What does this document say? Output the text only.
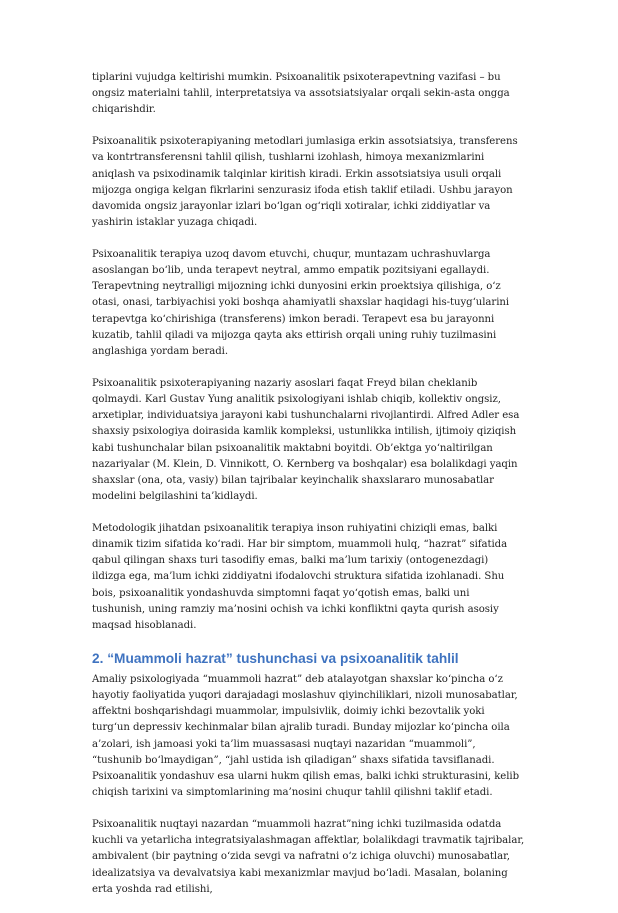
tiplarini vujudga keltirishi mumkin. Psixoanalitik psixoterapevtning vazifasi – bu ongsiz materialni tahlil, interpretatsiya va assotsiatsiyalar orqali sekin-asta ongga chiqarishdir.

Psixoanalitik psixoterapiyaning metodlari jumlasiga erkin assotsiatsiya, transferens va kontrtransferensni tahlil qilish, tushlarni izohlash, himoya mexanizmlarini aniqlash va psixodinamik talqinlar kiritish kiradi. Erkin assotsiatsiya usuli orqali mijozga ongiga kelgan fikrlarini senzurasiz ifoda etish taklif etiladi. Ushbu jarayon davomida ongsiz jarayonlar izlari bo‘lgan og‘riqli xotiralar, ichki ziddiyatlar va yashirin istaklar yuzaga chiqadi.

Psixoanalitik terapiya uzoq davom etuvchi, chuqur, muntazam uchrashuvlarga asoslangan bo‘lib, unda terapevt neytral, ammo empatik pozitsiyani egallaydi. Terapevtning neytralligi mijozning ichki dunyosini erkin proektsiya qilishiga, o‘z otasi, onasi, tarbiyachisi yoki boshqa ahamiyatli shaxslar haqidagi his-tuyg‘ularini terapevtga ko‘chirishiga (transferens) imkon beradi. Terapevt esa bu jarayonni kuzatib, tahlil qiladi va mijozga qayta aks ettirish orqali uning ruhiy tuzilmasini anglashiga yordam beradi.

Psixoanalitik psixoterapiyaning nazariy asoslari faqat Freyd bilan cheklanib qolmaydi. Karl Gustav Yung analitik psixologiyani ishlab chiqib, kollektiv ongsiz, arxetiplar, individuatsiya jarayoni kabi tushunchalarni rivojlantirdi. Alfred Adler esa shaxsiy psixologiya doirasida kamlik kompleksi, ustunlikka intilish, ijtimoiy qiziqish kabi tushunchalar bilan psixoanalitik maktabni boyitdi. Ob’ektga yo‘naltirilgan nazariyalar (M. Klein, D. Vinnikott, O. Kernberg va boshqalar) esa bolalikdagi yaqin shaxslar (ona, ota, vasiy) bilan tajribalar keyinchalik shaxslararo munosabatlar modelini belgilashini ta’kidlaydi.

Metodologik jihatdan psixoanalitik terapiya inson ruhiyatini chiziqli emas, balki dinamik tizim sifatida ko‘radi. Har bir simptom, muammoli hulq, “hazrat” sifatida qabul qilingan shaxs turi tasodifiy emas, balki ma’lum tarixiy (ontogenezdagi) ildizga ega, ma’lum ichki ziddiyatni ifodalovchi struktura sifatida izohlanadi. Shu bois, psixoanalitik yondashuvda simptomni faqat yo‘qotish emas, balki uni tushunish, uning ramziy ma’nosini ochish va ichki konfliktni qayta qurish asosiy maqsad hisoblanadi.

2. “Muammoli hazrat” tushunchasi va psixoanalitik tahlil

Amaliy psixologiyada “muammoli hazrat” deb atalayotgan shaxslar ko‘pincha o‘z hayotiy faoliyatida yuqori darajadagi moslashuv qiyinchiliklari, nizoli munosabatlar, affektni boshqarishdagi muammolar, impulsivlik, doimiy ichki bezovtalik yoki turg‘un depressiv kechinmalar bilan ajralib turadi. Bunday mijozlar ko‘pincha oila a’zolari, ish jamoasi yoki ta’lim muassasasi nuqtayi nazaridan “muammoli”, “tushunib bo‘lmaydigan”, “jahl ustida ish qiladigan” shaxs sifatida tavsiflanadi. Psixoanalitik yondashuv esa ularni hukm qilish emas, balki ichki strukturasini, kelib chiqish tarixini va simptomlarining ma’nosini chuqur tahlil qilishni taklif etadi.

Psixoanalitik nuqtayi nazardan “muammoli hazrat”ning ichki tuzilmasida odatda kuchli va yetarlicha integratsiyalashmagan affektlar, bolalikdagi travmatik tajribalar, ambivalent (bir paytning o‘zida sevgi va nafratni o‘z ichiga oluvchi) munosabatlar, idealizatsiya va devalvatsiya kabi mexanizmlar mavjud bo‘ladi. Masalan, bolaning erta yoshda rad etilishi,
